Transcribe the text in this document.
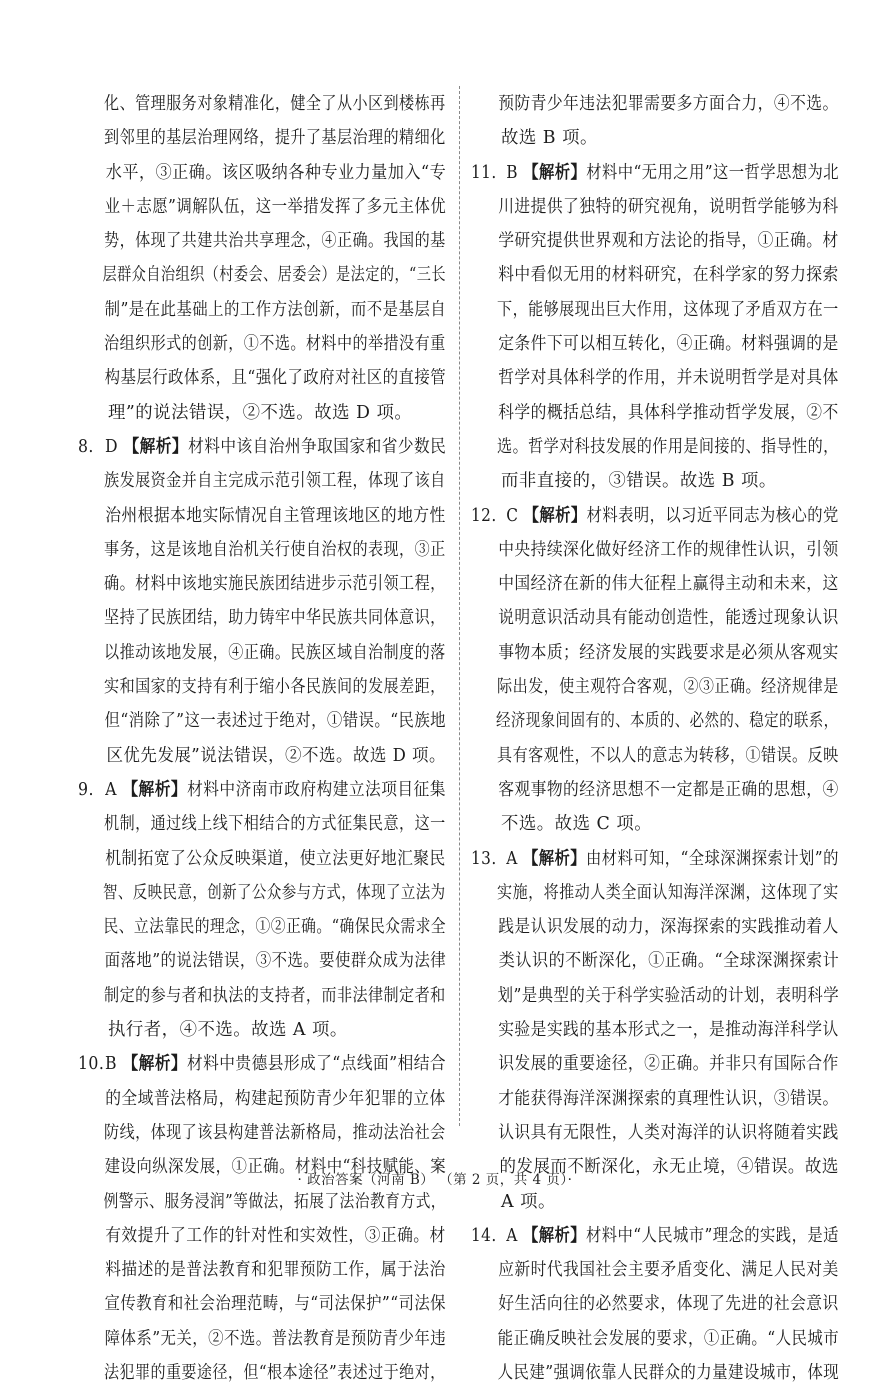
化、管理服务对象精准化，健全了从小区到楼栋再
到邻里的基层治理网络，提升了基层治理的精细化
水平，③正确。该区吸纳各种专业力量加入“专
业＋志愿”调解队伍，这一举措发挥了多元主体优
势，体现了共建共治共享理念，④正确。我国的基
层群众自治组织（村委会、居委会）是法定的，“三长
制”是在此基础上的工作方法创新，而不是基层自
治组织形式的创新，①不选。材料中的举措没有重
构基层行政体系，且“强化了政府对社区的直接管
理”的说法错误，②不选。故选 D 项。
8. D 【解析】材料中该自治州争取国家和省少数民
族发展资金并自主完成示范引领工程，体现了该自
治州根据本地实际情况自主管理该地区的地方性
事务，这是该地自治机关行使自治权的表现，③正
确。材料中该地实施民族团结进步示范引领工程，
坚持了民族团结，助力铸牢中华民族共同体意识，
以推动该地发展，④正确。民族区域自治制度的落
实和国家的支持有利于缩小各民族间的发展差距，
但“消除了”这一表述过于绝对，①错误。“民族地
区优先发展”说法错误，②不选。故选 D 项。
9. A 【解析】材料中济南市政府构建立法项目征集
机制，通过线上线下相结合的方式征集民意，这一
机制拓宽了公众反映渠道，使立法更好地汇聚民
智、反映民意，创新了公众参与方式，体现了立法为
民、立法靠民的理念，①②正确。“确保民众需求全
面落地”的说法错误，③不选。要使群众成为法律
制定的参与者和执法的支持者，而非法律制定者和
执行者，④不选。故选 A 项。
10.B 【解析】材料中贵德县形成了“点线面”相结合
的全域普法格局，构建起预防青少年犯罪的立体
防线，体现了该县构建普法新格局，推动法治社会
建设向纵深发展，①正确。材料中“科技赋能、案
例警示、服务浸润”等做法，拓展了法治教育方式，
有效提升了工作的针对性和实效性，③正确。材
料描述的是普法教育和犯罪预防工作，属于法治
宣传教育和社会治理范畴，与“司法保护”“司法保
障体系”无关，②不选。普法教育是预防青少年违
法犯罪的重要途径，但“根本途径”表述过于绝对，
预防青少年违法犯罪需要多方面合力，④不选。
故选 B 项。
11. B 【解析】材料中“无用之用”这一哲学思想为北
川进提供了独特的研究视角，说明哲学能够为科
学研究提供世界观和方法论的指导，①正确。材
料中看似无用的材料研究，在科学家的努力探索
下，能够展现出巨大作用，这体现了矛盾双方在一
定条件下可以相互转化，④正确。材料强调的是
哲学对具体科学的作用，并未说明哲学是对具体
科学的概括总结，具体科学推动哲学发展，②不
选。哲学对科技发展的作用是间接的、指导性的，
而非直接的，③错误。故选 B 项。
12. C 【解析】材料表明，以习近平同志为核心的党
中央持续深化做好经济工作的规律性认识，引领
中国经济在新的伟大征程上赢得主动和未来，这
说明意识活动具有能动创造性，能透过现象认识
事物本质；经济发展的实践要求是必须从客观实
际出发，使主观符合客观，②③正确。经济规律是
经济现象间固有的、本质的、必然的、稳定的联系，
具有客观性，不以人的意志为转移，①错误。反映
客观事物的经济思想不一定都是正确的思想，④
不选。故选 C 项。
13. A 【解析】由材料可知，“全球深渊探索计划”的
实施，将推动人类全面认知海洋深渊，这体现了实
践是认识发展的动力，深海探索的实践推动着人
类认识的不断深化，①正确。“全球深渊探索计
划”是典型的关于科学实验活动的计划，表明科学
实验是实践的基本形式之一，是推动海洋科学认
识发展的重要途径，②正确。并非只有国际合作
才能获得海洋深渊探索的真理性认识，③错误。
认识具有无限性，人类对海洋的认识将随着实践
的发展而不断深化，永无止境，④错误。故选
A 项。
14. A 【解析】材料中“人民城市”理念的实践，是适
应新时代我国社会主要矛盾变化、满足人民对美
好生活向往的必然要求，体现了先进的社会意识
能正确反映社会发展的要求，①正确。“人民城市
人民建”强调依靠人民群众的力量建设城市，体现
· 政治答案（河南 B） （第 2 页，共 4 页）·
